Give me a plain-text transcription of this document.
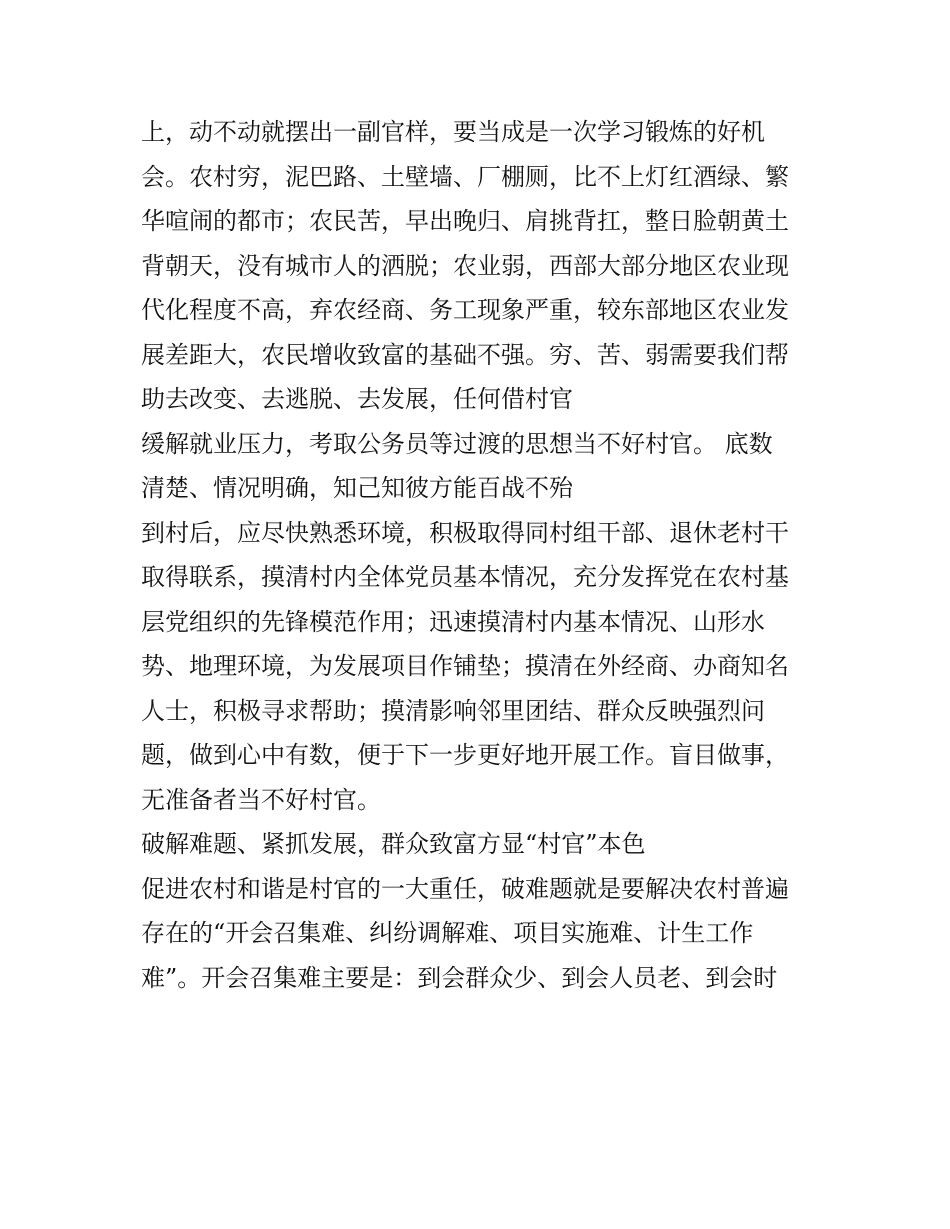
上，动不动就摆出一副官样，要当成是一次学习锻炼的好机
会。农村穷，泥巴路、土壁墙、厂棚厕，比不上灯红酒绿、繁
华喧闹的都市；农民苦，早出晚归、肩挑背扛，整日脸朝黄土
背朝天，没有城市人的洒脱；农业弱，西部大部分地区农业现
代化程度不高，弃农经商、务工现象严重，较东部地区农业发
展差距大，农民增收致富的基础不强。穷、苦、弱需要我们帮
助去改变、去逃脱、去发展，任何借村官
缓解就业压力，考取公务员等过渡的思想当不好村官。 底数
清楚、情况明确，知己知彼方能百战不殆
到村后，应尽快熟悉环境，积极取得同村组干部、退休老村干
取得联系，摸清村内全体党员基本情况，充分发挥党在农村基
层党组织的先锋模范作用；迅速摸清村内基本情况、山形水
势、地理环境，为发展项目作铺垫；摸清在外经商、办商知名
人士，积极寻求帮助；摸清影响邻里团结、群众反映强烈问
题，做到心中有数，便于下一步更好地开展工作。盲目做事，
无准备者当不好村官。
破解难题、紧抓发展，群众致富方显“村官”本色
促进农村和谐是村官的一大重任，破难题就是要解决农村普遍
存在的“开会召集难、纠纷调解难、项目实施难、计生工作
难”。开会召集难主要是：到会群众少、到会人员老、到会时
